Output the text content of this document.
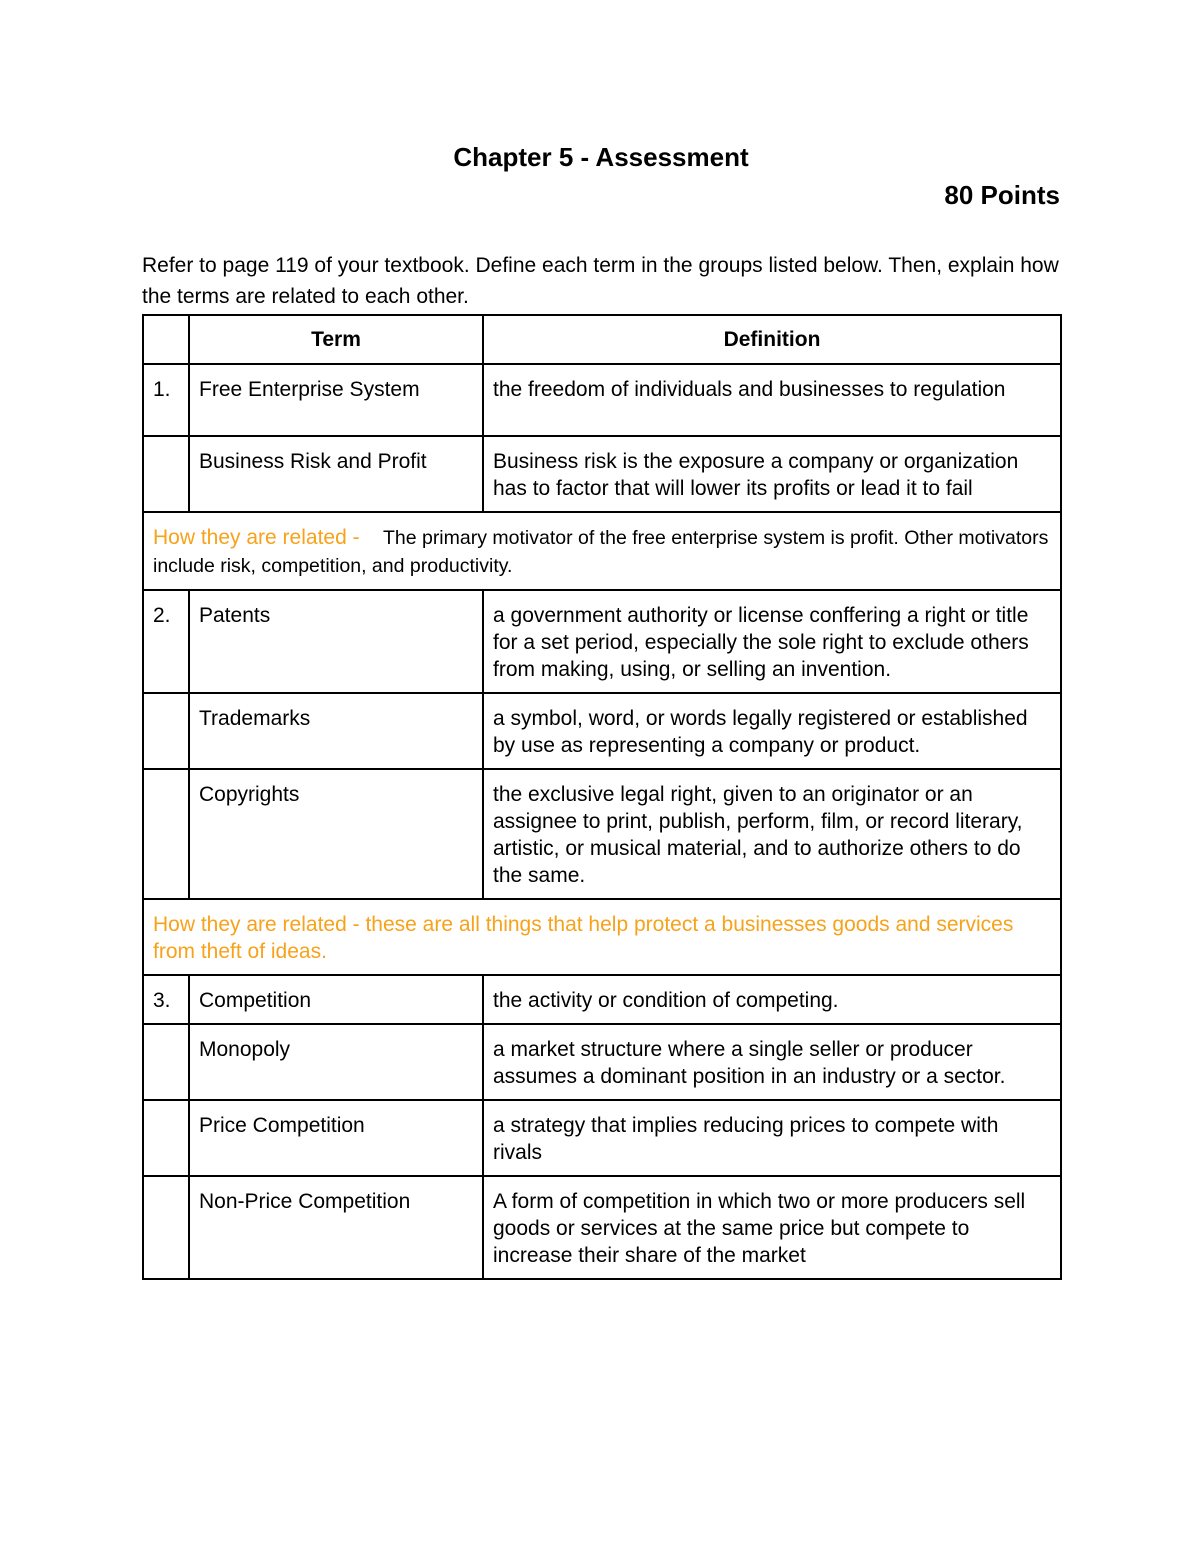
Chapter 5 - Assessment

80 Points

Refer to page 119 of your textbook. Define each term in the groups listed below. Then, explain how the terms are related to each other.

	Term	Definition
1.	Free Enterprise System	the freedom of individuals and businesses to regulation
	Business Risk and Profit	Business risk is the exposure a company or organization has to factor that will lower its profits or lead it to fail
How they are related - The primary motivator of the free enterprise system is profit. Other motivators include risk, competition, and productivity.		
2.	Patents	a government authority or license conffering a right or title for a set period, especially the sole right to exclude others from making, using, or selling an invention.
	Trademarks	a symbol, word, or words legally registered or established by use as representing a company or product.
	Copyrights	the exclusive legal right, given to an originator or an assignee to print, publish, perform, film, or record literary, artistic, or musical material, and to authorize others to do the same.
How they are related - these are all things that help protect a businesses goods and services from theft of ideas.		
3.	Competition	the activity or condition of competing.
	Monopoly	a market structure where a single seller or producer assumes a dominant position in an industry or a sector.
	Price Competition	a strategy that implies reducing prices to compete with rivals
	Non-Price Competition	A form of competition in which two or more producers sell goods or services at the same price but compete to increase their share of the market
